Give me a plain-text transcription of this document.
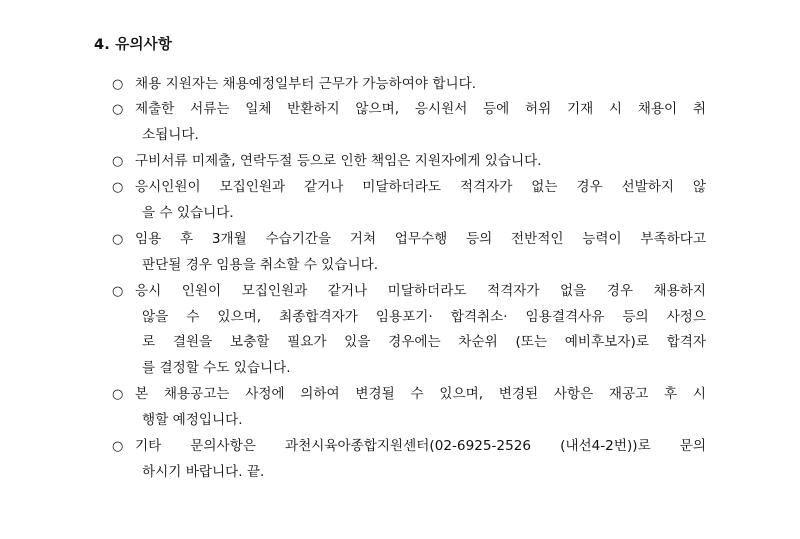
4. 유의사항
○ 채용 지원자는 채용예정일부터 근무가 가능하여야 합니다.
○ 제출한 서류는 일체 반환하지 않으며, 응시원서 등에 허위 기재 시 채용이 취
소됩니다.
○ 구비서류 미제출, 연락두절 등으로 인한 책임은 지원자에게 있습니다.
○ 응시인원이 모집인원과 같거나 미달하더라도 적격자가 없는 경우 선발하지 않
을 수 있습니다.
○ 임용 후 3개월 수습기간을 거쳐 업무수행 등의 전반적인 능력이 부족하다고
판단될 경우 임용을 취소할 수 있습니다.
○ 응시 인원이 모집인원과 같거나 미달하더라도 적격자가 없을 경우 채용하지
않을 수 있으며, 최종합격자가 임용포기· 합격취소· 임용결격사유 등의 사정으
로 결원을 보충할 필요가 있을 경우에는 차순위 (또는 예비후보자)로 합격자
를 결정할 수도 있습니다.
○ 본 채용공고는 사정에 의하여 변경될 수 있으며, 변경된 사항은 재공고 후 시
행할 예정입니다.
○ 기타 문의사항은 과천시육아종합지원센터(02-6925-2526 (내선4-2번))로 문의
하시기 바랍니다. 끝.
